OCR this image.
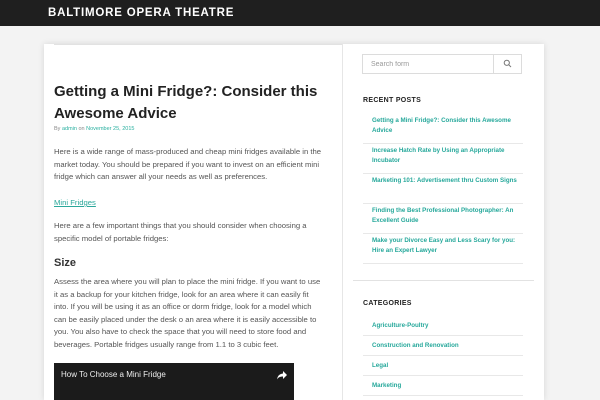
BALTIMORE OPERA THEATRE
Getting a Mini Fridge?: Consider this Awesome Advice
By admin on November 25, 2015

Here is a wide range of mass-produced and cheap mini fridges available in the market today. You should be prepared if you want to invest on an efficient mini fridge which can answer all your needs as well as preferences.

Mini Fridges

Here are a few important things that you should consider when choosing a specific model of portable fridges:

Size

Assess the area where you will plan to place the mini fridge. If you want to use it as a backup for your kitchen fridge, look for an area where it can easily fit into. If you will be using it as an office or dorm fridge, look for a model which can be easily placed under the desk o an area where it is easily accessible to you. You also have to check the space that you will need to store food and beverages. Portable fridges usually range from 1.1 to 3 cubic feet.

How To Choose a Mini Fridge
Search form
RECENT POSTS
Getting a Mini Fridge?: Consider this Awesome Advice
Increase Hatch Rate by Using an Appropriate Incubator
Marketing 101: Advertisement thru Custom Signs
Finding the Best Professional Photographer: An Excellent Guide
Make your Divorce Easy and Less Scary for you: Hire an Expert Lawyer
CATEGORIES
Agriculture-Poultry
Construction and Renovation
Legal
Marketing
